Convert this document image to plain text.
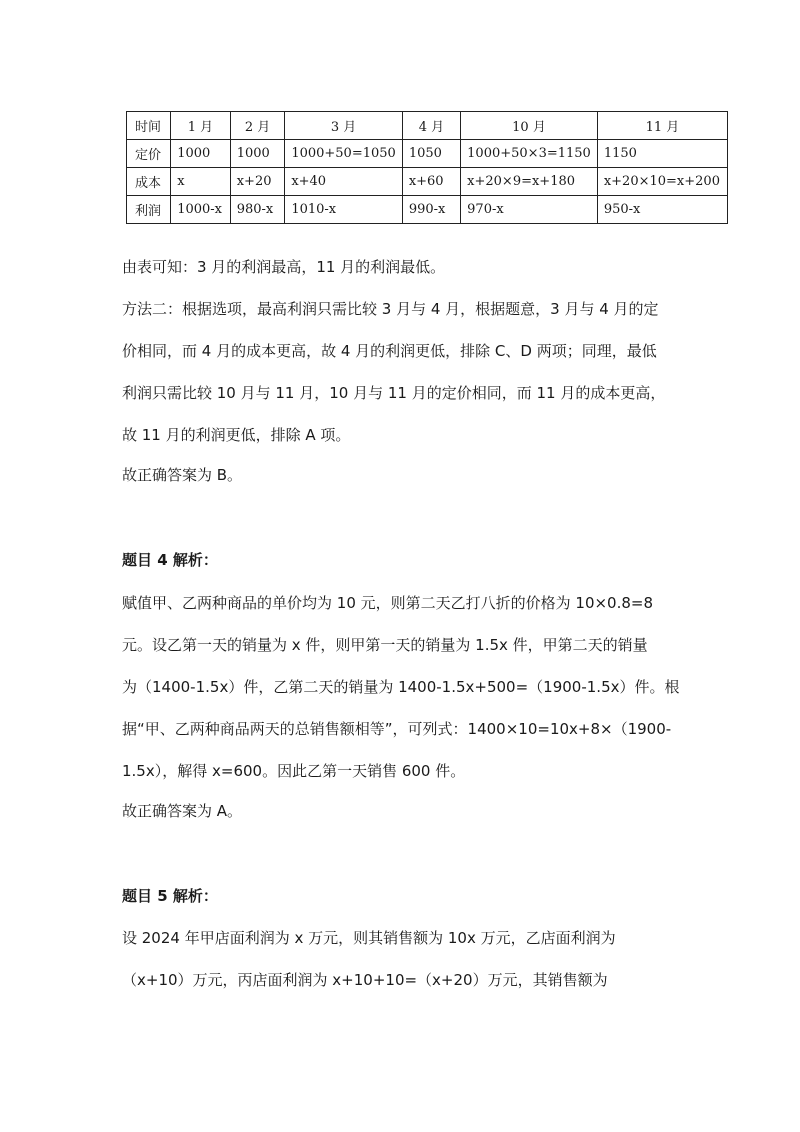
时间	1 月	2 月	3 月	4 月	10 月	11 月
定价	1000	1000	1000+50=1050	1050	1000+50×3=1150	1150
成本	x	x+20	x+40	x+60	x+20×9=x+180	x+20×10=x+200
利润	1000-x	980-x	1010-x	990-x	970-x	950-x

由表可知：3 月的利润最高，11 月的利润最低。

方法二：根据选项，最高利润只需比较 3 月与 4 月，根据题意，3 月与 4 月的定
价相同，而 4 月的成本更高，故 4 月的利润更低，排除 C、D 两项；同理，最低
利润只需比较 10 月与 11 月，10 月与 11 月的定价相同，而 11 月的成本更高，
故 11 月的利润更低，排除 A 项。

故正确答案为 B。

题目 4 解析：

赋值甲、乙两种商品的单价均为 10 元，则第二天乙打八折的价格为 10×0.8=8
元。设乙第一天的销量为 x 件，则甲第一天的销量为 1.5x 件，甲第二天的销量
为（1400-1.5x）件，乙第二天的销量为 1400-1.5x+500=（1900-1.5x）件。根
据“甲、乙两种商品两天的总销售额相等”，可列式：1400×10=10x+8×（1900-
1.5x），解得 x=600。因此乙第一天销售 600 件。

故正确答案为 A。

题目 5 解析：

设 2024 年甲店面利润为 x 万元，则其销售额为 10x 万元，乙店面利润为
（x+10）万元，丙店面利润为 x+10+10=（x+20）万元，其销售额为
